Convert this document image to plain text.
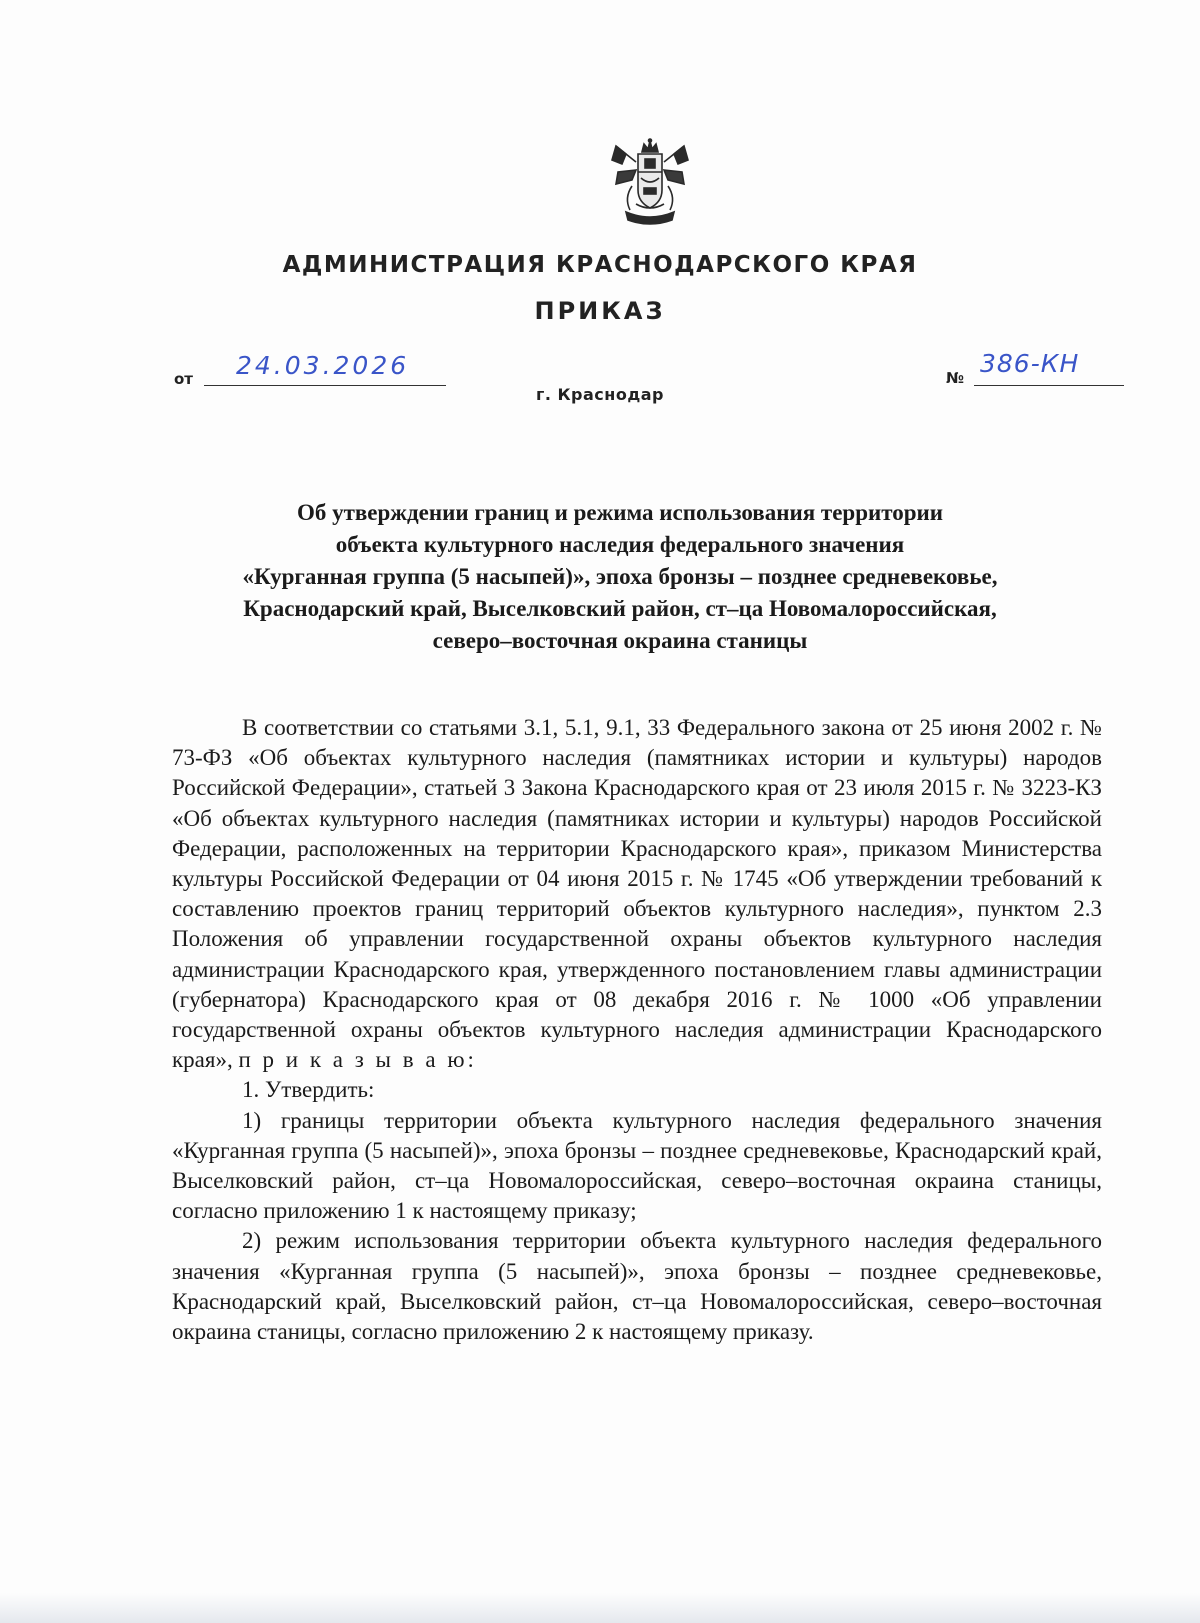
АДМИНИСТРАЦИЯ КРАСНОДАРСКОГО КРАЯ
ПРИКАЗ
от 24.03.2026	№ 386-КН
г. Краснодар
Об утверждении границ и режима использования территории
объекта культурного наследия федерального значения
«Курганная группа (5 насыпей)», эпоха бронзы – позднее средневековье,
Краснодарский край, Выселковский район, ст–ца Новомалороссийская,
северо–восточная окраина станицы

В соответствии со статьями 3.1, 5.1, 9.1, 33 Федерального закона от 25 июня 2002 г. № 73-ФЗ «Об объектах культурного наследия (памятниках истории и культуры) народов Российской Федерации», статьей 3 Закона Краснодарского края от 23 июля 2015 г. № 3223-КЗ «Об объектах культурного наследия (памятниках истории и культуры) народов Российской Федерации, расположенных на территории Краснодарского края», приказом Министерства культуры Российской Федерации от 04 июня 2015 г. № 1745 «Об утверждении требований к составлению проектов границ территорий объектов культурного наследия», пунктом 2.3 Положения об управлении государственной охраны объектов культурного наследия администрации Краснодарского края, утвержденного постановлением главы администрации (губернатора) Краснодарского края от 08 декабря 2016 г. № 1000 «Об управлении государственной охраны объектов культурного наследия администрации Краснодарского края», п р и к а з ы в а ю:

1. Утвердить:

1) границы территории объекта культурного наследия федерального значения «Курганная группа (5 насыпей)», эпоха бронзы – позднее средневековье, Краснодарский край, Выселковский район, ст–ца Новомалороссийская, северо–восточная окраина станицы, согласно приложению 1 к настоящему приказу;

2) режим использования территории объекта культурного наследия федерального значения «Курганная группа (5 насыпей)», эпоха бронзы – позднее средневековье, Краснодарский край, Выселковский район, ст–ца Новомалороссийская, северо–восточная окраина станицы, согласно приложению 2 к настоящему приказу.
